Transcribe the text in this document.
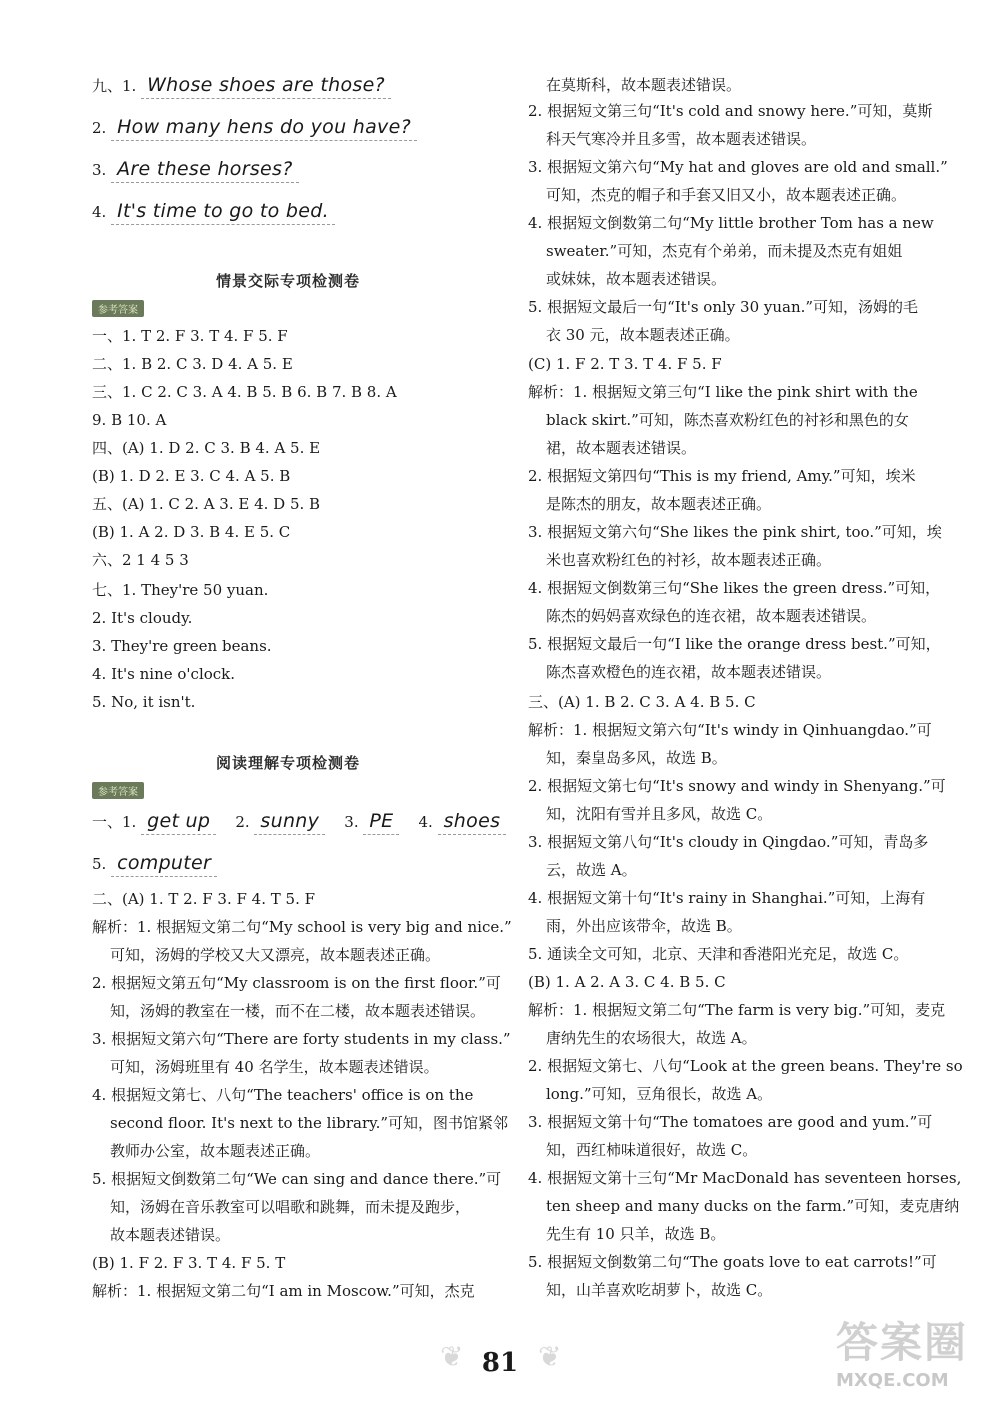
九、1. Whose shoes are those?
2. How many hens do you have?
3. Are these horses?
4. It's time to go to bed.
情景交际专项检测卷
参考答案
一、1. T 2. F 3. T 4. F 5. F
二、1. B 2. C 3. D 4. A 5. E
三、1. C 2. C 3. A 4. B 5. B 6. B 7. B 8. A
9. B 10. A
四、(A) 1. D 2. C 3. B 4. A 5. E
(B) 1. D 2. E 3. C 4. A 5. B
五、(A) 1. C 2. A 3. E 4. D 5. B
(B) 1. A 2. D 3. B 4. E 5. C
六、2 1 4 5 3
七、1. They're 50 yuan.
2. It's cloudy.
3. They're green beans.
4. It's nine o'clock.
5. No, it isn't.
阅读理解专项检测卷
参考答案
一、1. get up 2. sunny 3. PE 4. shoes
5. computer
二、(A) 1. T 2. F 3. F 4. T 5. F
解析：1. 根据短文第二句“My school is very big and nice.”
可知，汤姆的学校又大又漂亮，故本题表述正确。
2. 根据短文第五句“My classroom is on the first floor.”可
知，汤姆的教室在一楼，而不在二楼，故本题表述错误。
3. 根据短文第六句“There are forty students in my class.”
可知，汤姆班里有 40 名学生，故本题表述错误。
4. 根据短文第七、八句“The teachers' office is on the
second floor. It's next to the library.”可知，图书馆紧邻
教师办公室，故本题表述正确。
5. 根据短文倒数第二句“We can sing and dance there.”可
知，汤姆在音乐教室可以唱歌和跳舞，而未提及跑步，
故本题表述错误。
(B) 1. F 2. F 3. T 4. F 5. T
解析：1. 根据短文第二句“I am in Moscow.”可知，杰克
在莫斯科，故本题表述错误。
2. 根据短文第三句“It's cold and snowy here.”可知，莫斯
科天气寒冷并且多雪，故本题表述错误。
3. 根据短文第六句“My hat and gloves are old and small.”
可知，杰克的帽子和手套又旧又小，故本题表述正确。
4. 根据短文倒数第二句“My little brother Tom has a new
sweater.”可知，杰克有个弟弟，而未提及杰克有姐姐
或妹妹，故本题表述错误。
5. 根据短文最后一句“It's only 30 yuan.”可知，汤姆的毛
衣 30 元，故本题表述正确。
(C) 1. F 2. T 3. T 4. F 5. F
解析：1. 根据短文第三句“I like the pink shirt with the
black skirt.”可知，陈杰喜欢粉红色的衬衫和黑色的女
裙，故本题表述错误。
2. 根据短文第四句“This is my friend, Amy.”可知，埃米
是陈杰的朋友，故本题表述正确。
3. 根据短文第六句“She likes the pink shirt, too.”可知，埃
米也喜欢粉红色的衬衫，故本题表述正确。
4. 根据短文倒数第三句“She likes the green dress.”可知，
陈杰的妈妈喜欢绿色的连衣裙，故本题表述错误。
5. 根据短文最后一句“I like the orange dress best.”可知，
陈杰喜欢橙色的连衣裙，故本题表述错误。
三、(A) 1. B 2. C 3. A 4. B 5. C
解析：1. 根据短文第六句“It's windy in Qinhuangdao.”可
知，秦皇岛多风，故选 B。
2. 根据短文第七句“It's snowy and windy in Shenyang.”可
知，沈阳有雪并且多风，故选 C。
3. 根据短文第八句“It's cloudy in Qingdao.”可知，青岛多
云，故选 A。
4. 根据短文第十句“It's rainy in Shanghai.”可知，上海有
雨，外出应该带伞，故选 B。
5. 通读全文可知，北京、天津和香港阳光充足，故选 C。
(B) 1. A 2. A 3. C 4. B 5. C
解析：1. 根据短文第二句“The farm is very big.”可知，麦克
唐纳先生的农场很大，故选 A。
2. 根据短文第七、八句“Look at the green beans. They're so
long.”可知，豆角很长，故选 A。
3. 根据短文第十句“The tomatoes are good and yum.”可
知，西红柿味道很好，故选 C。
4. 根据短文第十三句“Mr MacDonald has seventeen horses,
ten sheep and many ducks on the farm.”可知，麦克唐纳
先生有 10 只羊，故选 B。
5. 根据短文倒数第二句“The goats love to eat carrots!”可
知，山羊喜欢吃胡萝卜，故选 C。
❦	❦
81	答案圈
MXQE.COM
